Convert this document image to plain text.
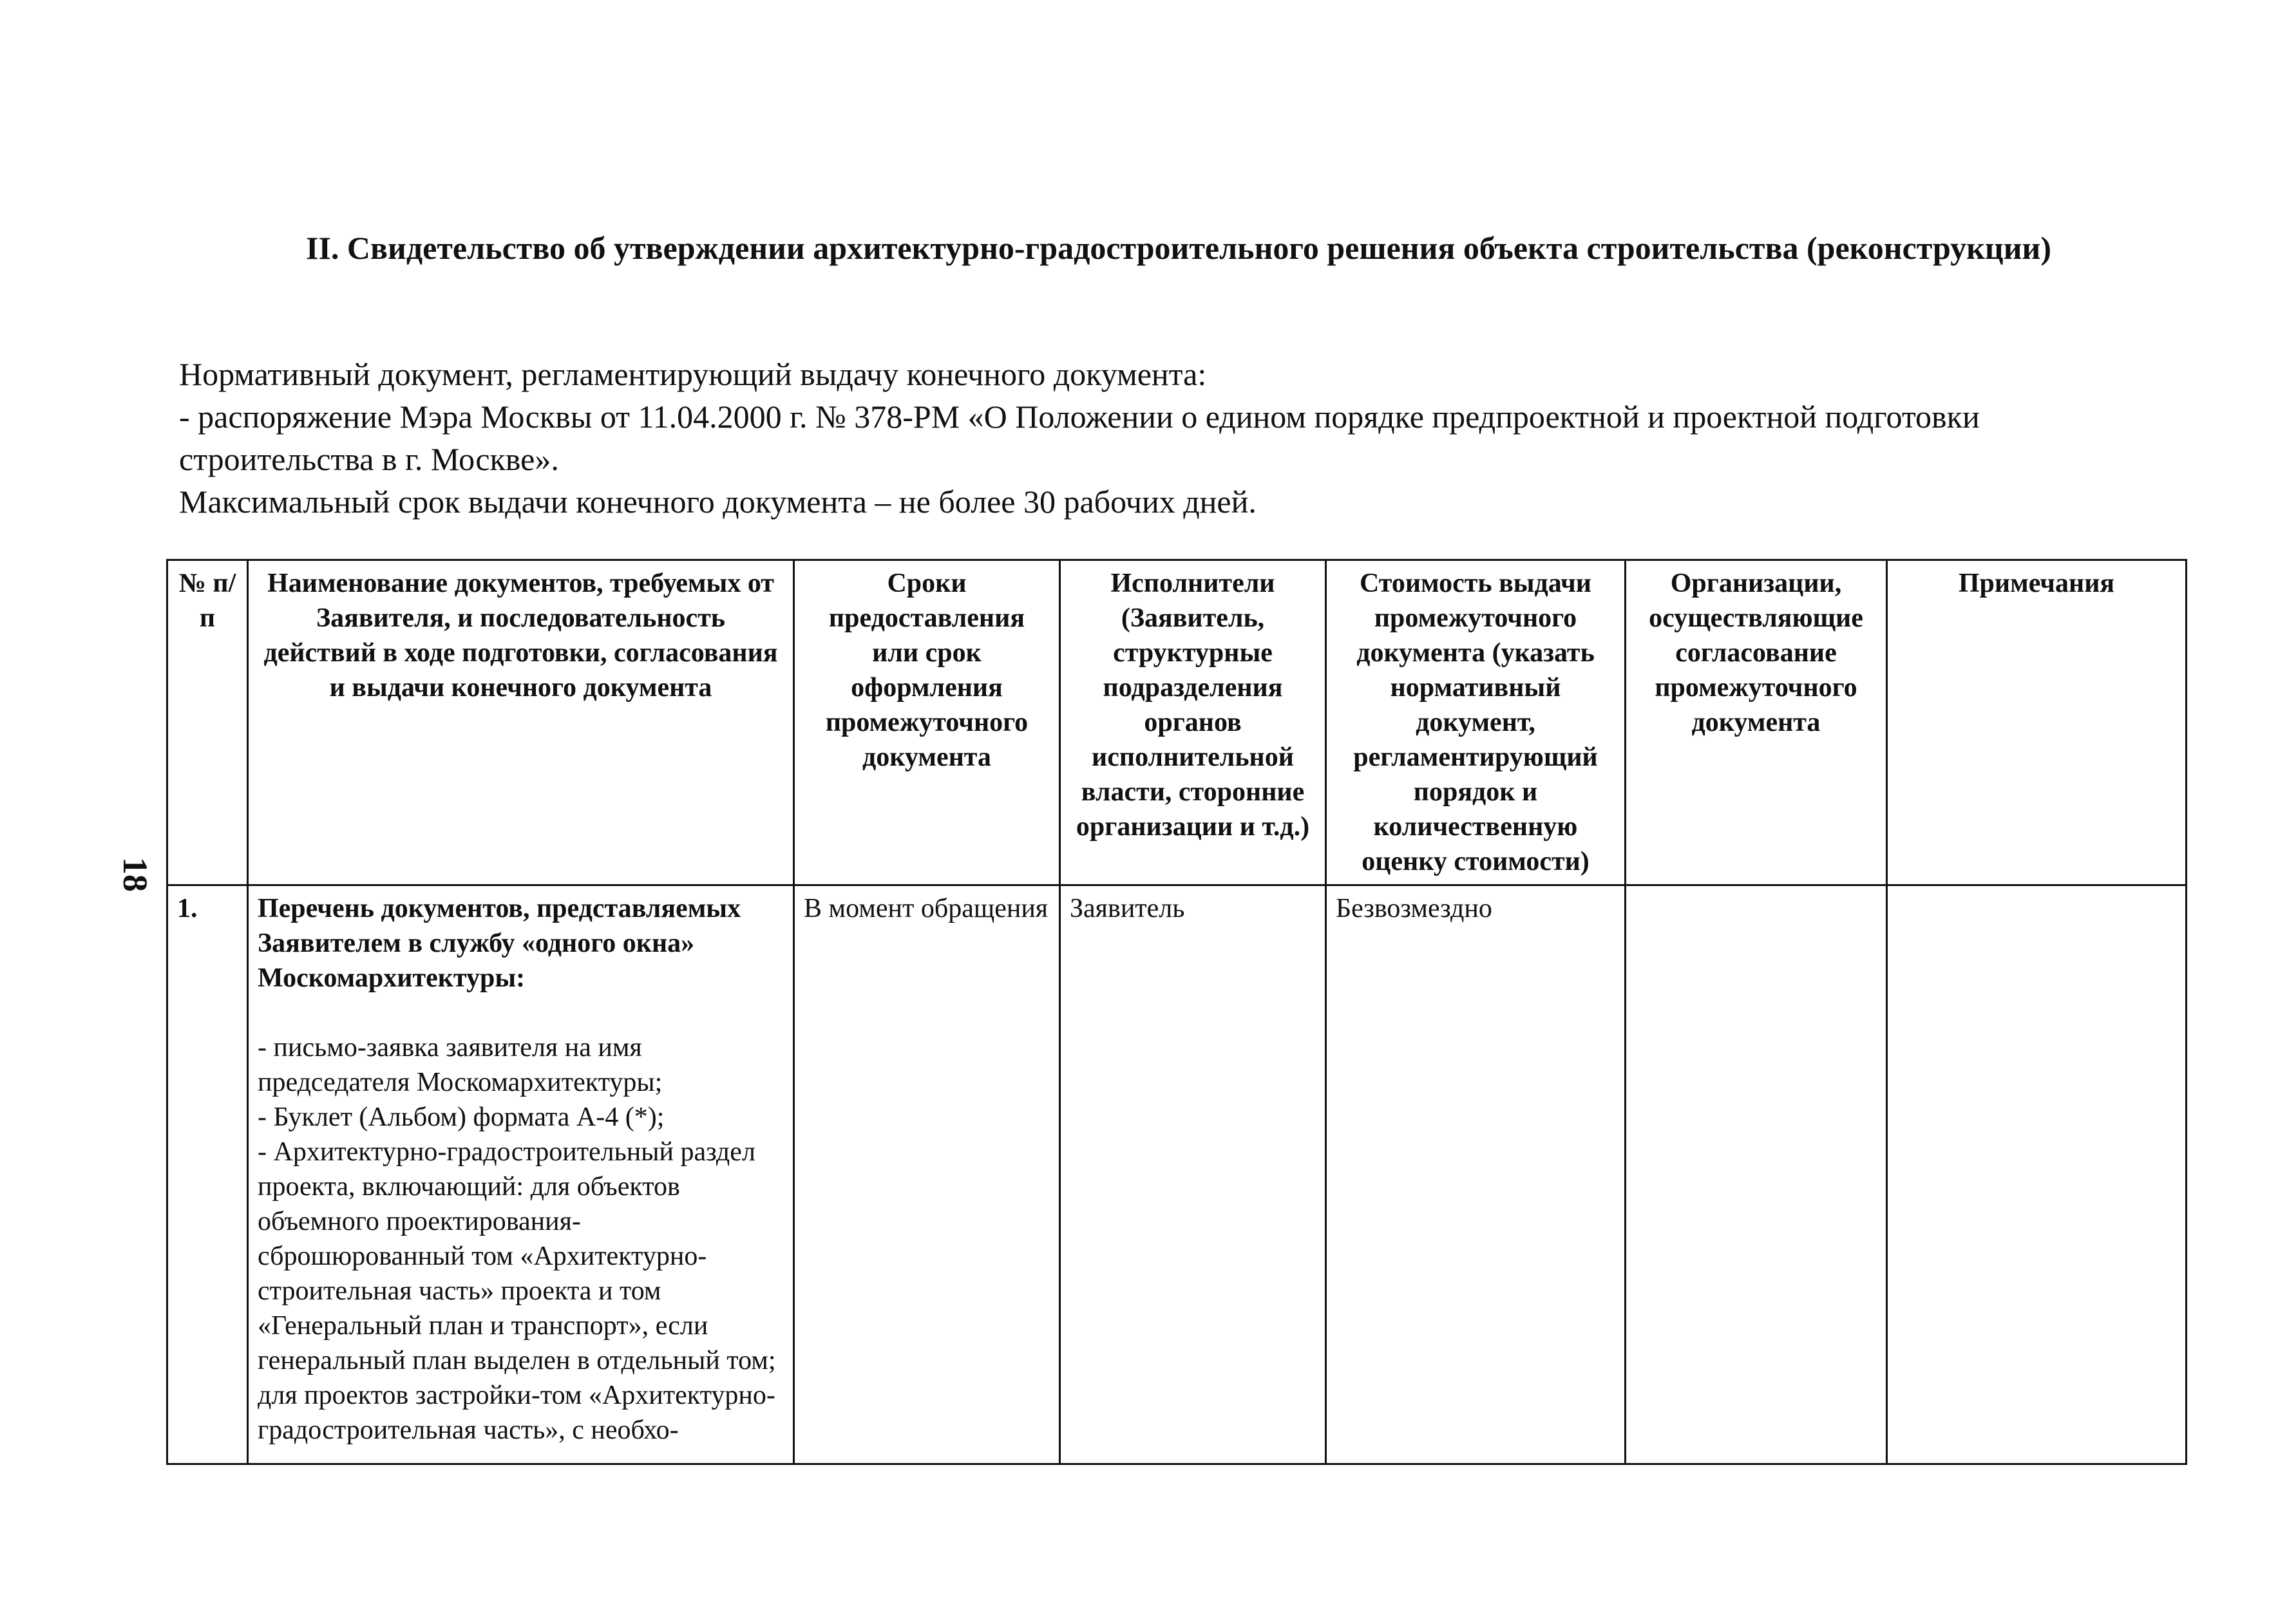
18
II. Свидетельство об утверждении архитектурно-градостроительного решения объекта строительства (реконструкции)

Нормативный документ, регламентирующий выдачу конечного документа:

- распоряжение Мэра Москвы от 11.04.2000 г. № 378-РМ «О Положении о едином порядке предпроектной и проектной подготовки строительства в г. Москве».

Максимальный срок выдачи конечного документа – не более 30 рабочих дней.

№ п/п	Наименование документов, требуемых от Заявителя, и последовательность действий в ходе подготовки, согласования и выдачи конечного документа	Сроки предоставления или срок оформления промежуточного документа	Исполнители (Заявитель, структурные подразделения органов исполнительной власти, сторонние организации и т.д.)	Стоимость выдачи промежуточного документа (указать нормативный документ, регламентирующий порядок и количественную оценку стоимости)	Организации, осуществляющие согласование промежуточного документа	Примечания
1.	Перечень документов, представляемых Заявителем в службу «одного окна» Москомархитектуры:
- письмо-заявка заявителя на имя председателя Москомархитектуры;
- Буклет (Альбом) формата А-4 (*);
- Архитектурно-градостроительный раздел проекта, включающий: для объектов объемного проектирования-сброшюрованный том «Архитектурно-строительная часть» проекта и том «Генеральный план и транспорт», если генеральный план выделен в отдельный том; для проектов застройки-том «Архитектурно-градостроительная часть», с необхо-	В момент обращения	Заявитель	Безвозмездно		
